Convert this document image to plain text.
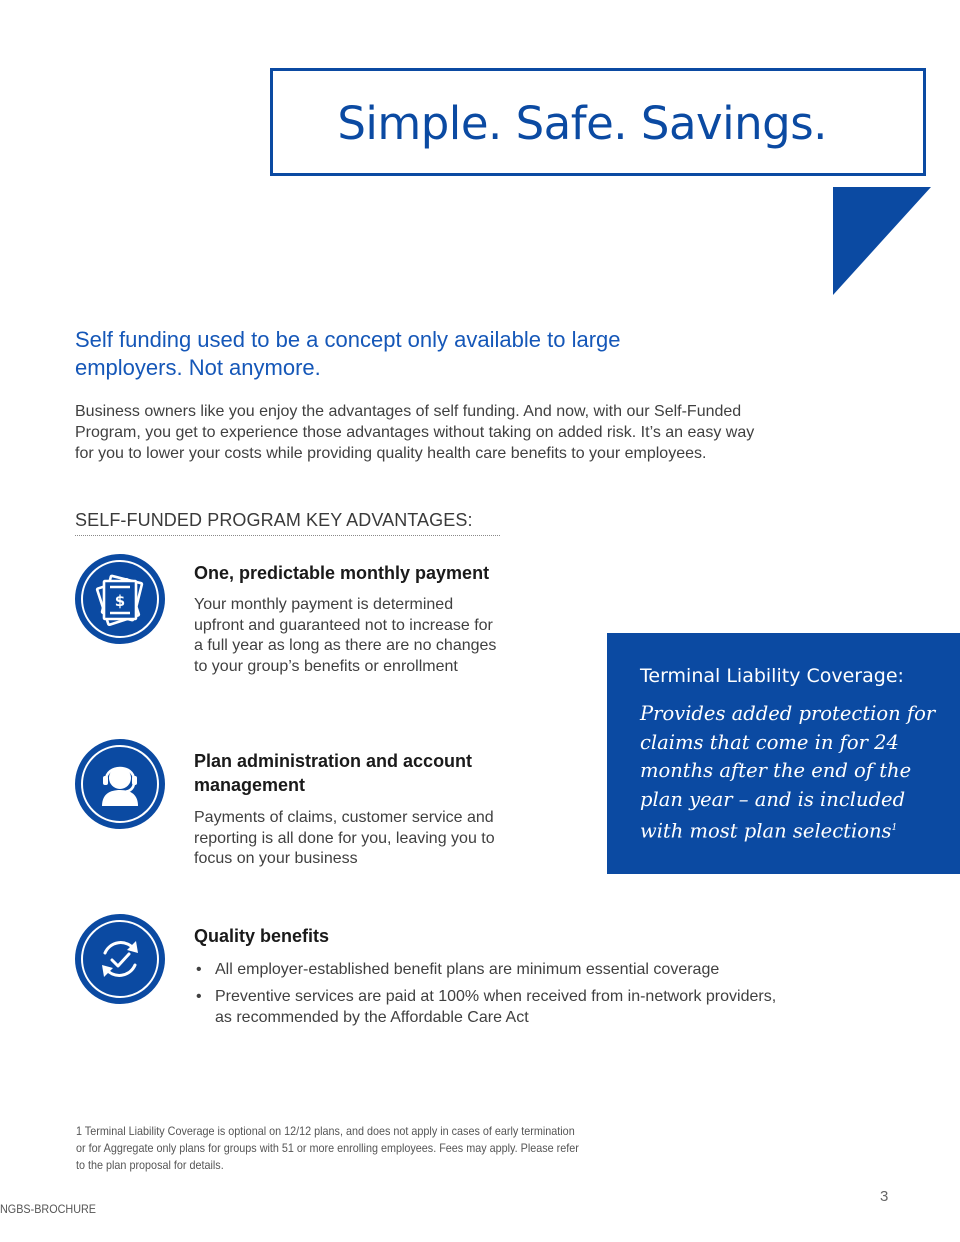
Simple. Safe. Savings.
Self funding used to be a concept only available to large employers. Not anymore.
Business owners like you enjoy the advantages of self funding. And now, with our Self-Funded Program, you get to experience those advantages without taking on added risk. It’s an easy way for you to lower your costs while providing quality health care benefits to your employees.
SELF-FUNDED PROGRAM KEY ADVANTAGES:
$
One, predictable monthly payment
Your monthly payment is determined upfront and guaranteed not to increase for a full year as long as there are no changes to your group’s benefits or enrollment
Plan administration and account management
Payments of claims, customer service and reporting is all done for you, leaving you to focus on your business
Terminal Liability Coverage:
Provides added protection for claims that come in for 24 months after the end of the plan year – and is included with most plan selections$^1$
Quality benefits
• All employer-established benefit plans are minimum essential coverage
• Preventive services are paid at 100% when received from in-network providers, as recommended by the Affordable Care Act
1 Terminal Liability Coverage is optional on 12/12 plans, and does not apply in cases of early termination or for Aggregate only plans for groups with 51 or more enrolling employees. Fees may apply. Please refer to the plan proposal for details.
NGBS-BROCHURE
3
